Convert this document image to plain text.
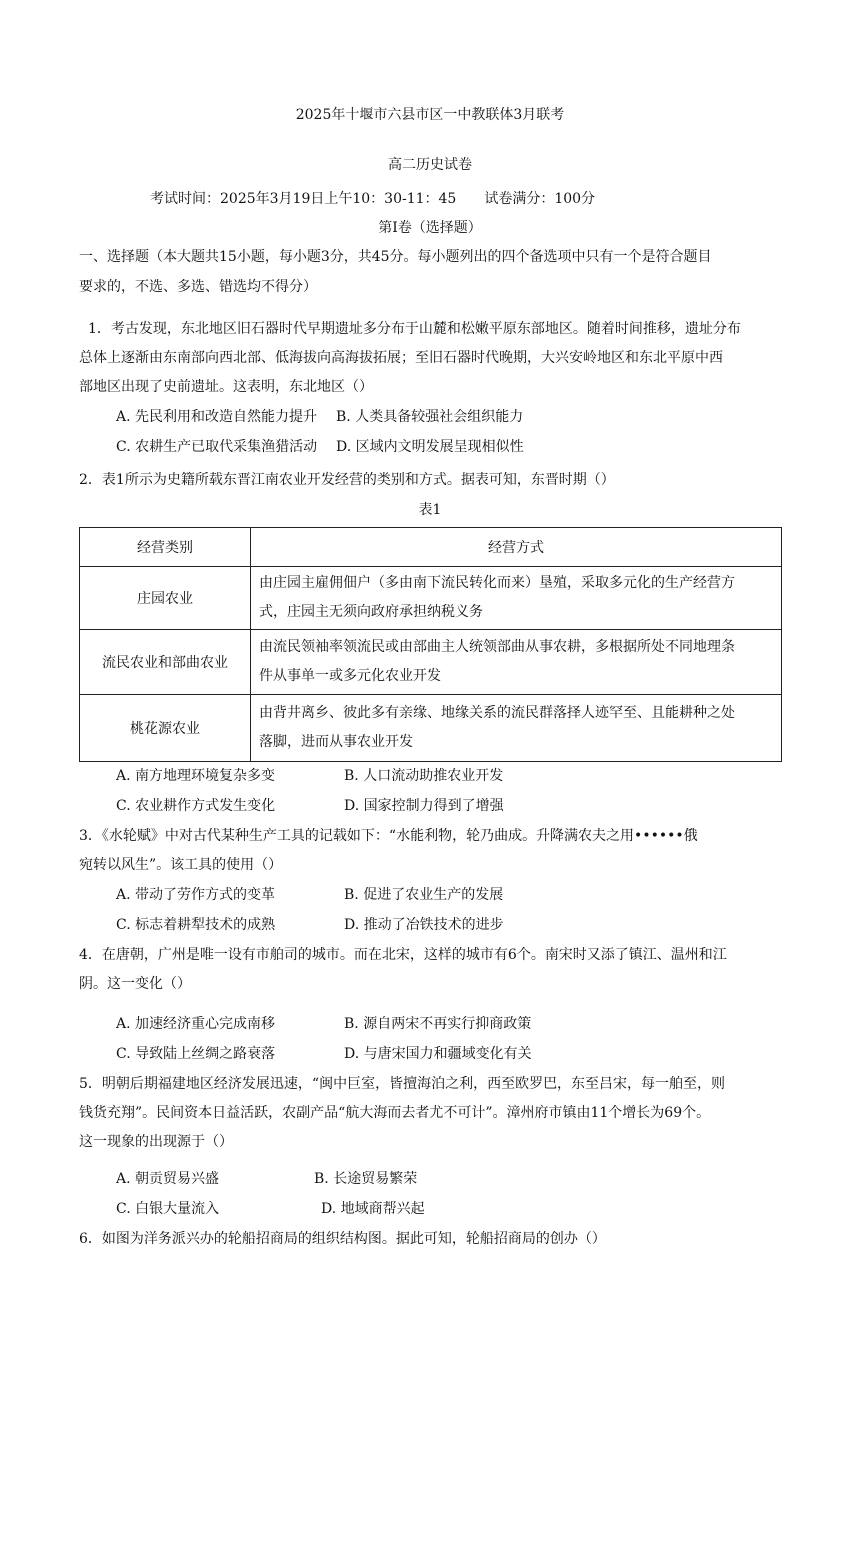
2025年十堰市六县市区一中教联体3月联考
高二历史试卷
考试时间：2025年3月19日上午10：30-11：45　　试卷满分：100分
第Ⅰ卷（选择题）
一、选择题（本大题共15小题，每小题3分，共45分。每小题列出的四个备选项中只有一个是符合题目
要求的，不选、多选、错选均不得分）
1．考古发现，东北地区旧石器时代早期遗址多分布于山麓和松嫩平原东部地区。随着时间推移，遗址分布
总体上逐渐由东南部向西北部、低海拔向高海拔拓展；至旧石器时代晚期，大兴安岭地区和东北平原中西
部地区出现了史前遗址。这表明，东北地区（）
A. 先民利用和改造自然能力提升 B. 人类具备较强社会组织能力
C. 农耕生产已取代采集渔猎活动 D. 区域内文明发展呈现相似性
2．表1所示为史籍所载东晋江南农业开发经营的类别和方式。据表可知，东晋时期（）
表1
经营类别	经营方式
庄园农业	由庄园主雇佣佃户（多由南下流民转化而来）垦殖，采取多元化的生产经营方
式，庄园主无须向政府承担纳税义务

流民农业和部曲农业	由流民领袖率领流民或由部曲主人统领部曲从事农耕，多根据所处不同地理条
件从事单一或多元化农业开发

桃花源农业	由背井离乡、彼此多有亲缘、地缘关系的流民群落择人迹罕至、且能耕种之处
落脚，进而从事农业开发
A. 南方地理环境复杂多变	B. 人口流动助推农业开发
C. 农业耕作方式发生变化	D. 国家控制力得到了增强
3．《水轮赋》中对古代某种生产工具的记载如下：“水能利物，轮乃曲成。升降满农夫之用••••••俄
宛转以风生”。该工具的使用（）
A. 带动了劳作方式的变革	B. 促进了农业生产的发展
C. 标志着耕犁技术的成熟	D. 推动了冶铁技术的进步
4．在唐朝，广州是唯一设有市舶司的城市。而在北宋，这样的城市有6个。南宋时又添了镇江、温州和江
阴。这一变化（）
A. 加速经济重心完成南移	B. 源自两宋不再实行抑商政策
C. 导致陆上丝绸之路衰落	D. 与唐宋国力和疆域变化有关
5．明朝后期福建地区经济发展迅速，“闽中巨室，皆擅海泊之利，西至欧罗巴，东至吕宋，每一舶至，则
钱货充翔”。民间资本日益活跃，农副产品“航大海而去者尤不可计”。漳州府市镇由11个增长为69个。
这一现象的出现源于（）
A. 朝贡贸易兴盛	B. 长途贸易繁荣
C. 白银大量流入	D. 地域商帮兴起
6．如图为洋务派兴办的轮船招商局的组织结构图。据此可知，轮船招商局的创办（）
